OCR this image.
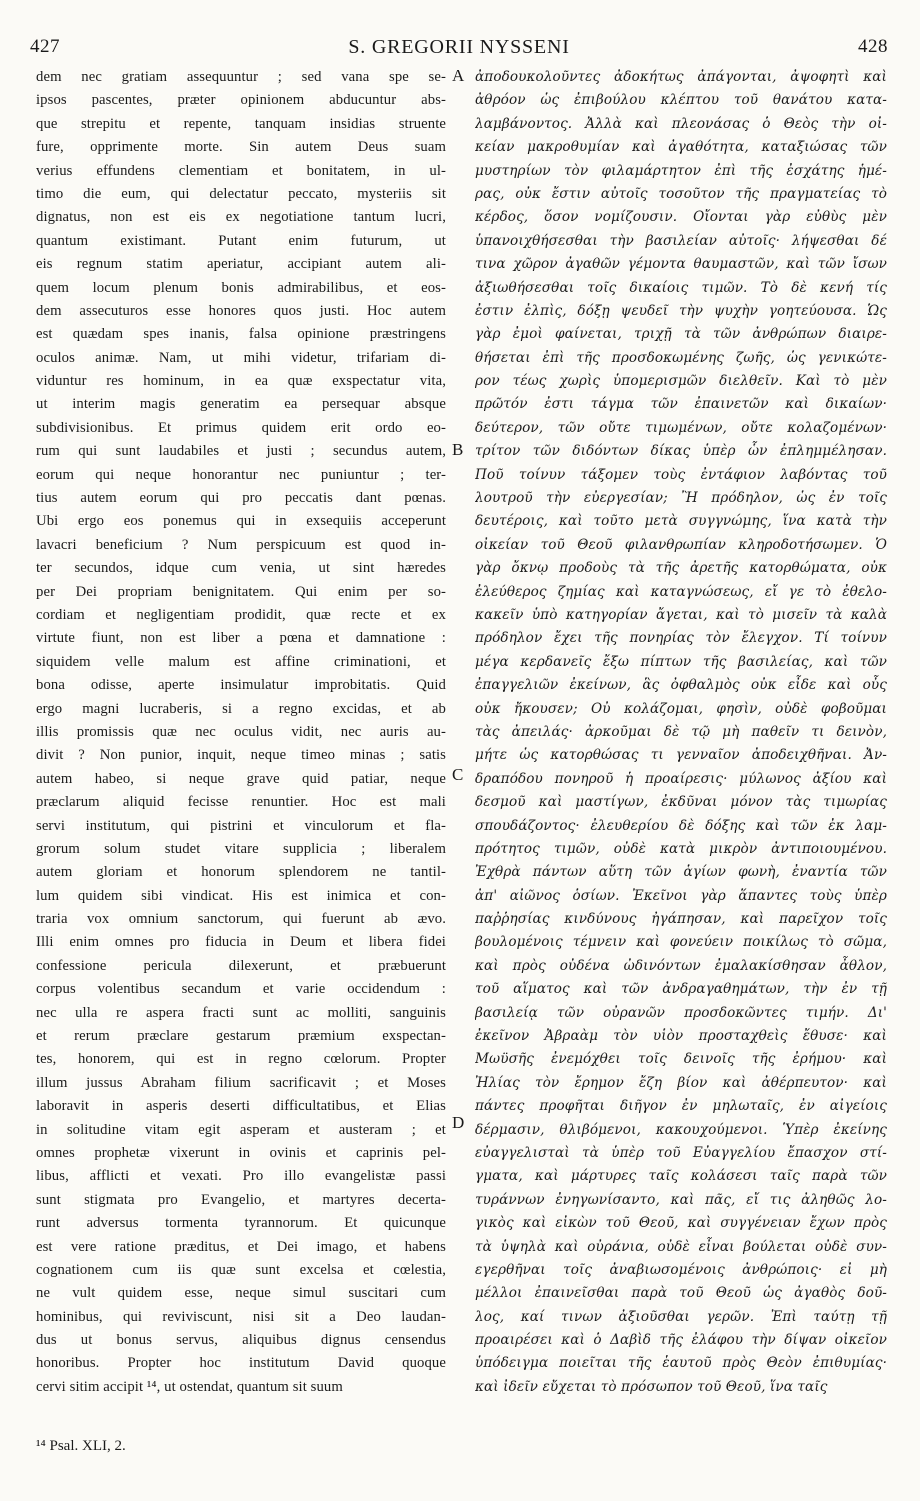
427	S. GREGORII NYSSENI	428
dem nec gratiam assequuntur ; sed vana spe se-
ipsos pascentes, præter opinionem abducuntur abs-
que strepitu et repente, tanquam insidias struente
fure, opprimente morte. Sin autem Deus suam
verius effundens clementiam et bonitatem, in ul-
timo die eum, qui delectatur peccato, mysteriis sit
dignatus, non est eis ex negotiatione tantum lucri,
quantum existimant. Putant enim futurum, ut
eis regnum statim aperiatur, accipiant autem ali-
quem locum plenum bonis admirabilibus, et eos-
dem assecuturos esse honores quos justi. Hoc autem
est quædam spes inanis, falsa opinione præstringens
oculos animæ. Nam, ut mihi videtur, trifariam di-
viduntur res hominum, in ea quæ exspectatur vita,
ut interim magis generatim ea persequar absque
subdivisionibus. Et primus quidem erit ordo eo-
rum qui sunt laudabiles et justi ; secundus autem,
eorum qui neque honorantur nec puniuntur ; ter-
tius autem eorum qui pro peccatis dant pœnas.
Ubi ergo eos ponemus qui in exsequiis acceperunt
lavacri beneficium ? Num perspicuum est quod in-
ter secundos, idque cum venia, ut sint hæredes
per Dei propriam benignitatem. Qui enim per so-
cordiam et negligentiam prodidit, quæ recte et ex
virtute fiunt, non est liber a pœna et damnatione :
siquidem velle malum est affine criminationi, et
bona odisse, aperte insimulatur improbitatis. Quid
ergo magni lucraberis, si a regno excidas, et ab
illis promissis quæ nec oculus vidit, nec auris au-
divit ? Non punior, inquit, neque timeo minas ; satis
autem habeo, si neque grave quid patiar, neque
præclarum aliquid fecisse renuntier. Hoc est mali
servi institutum, qui pistrini et vinculorum et fla-
grorum solum studet vitare supplicia ; liberalem
autem gloriam et honorum splendorem ne tantil-
lum quidem sibi vindicat. His est inimica et con-
traria vox omnium sanctorum, qui fuerunt ab ævo.
Illi enim omnes pro fiducia in Deum et libera fidei
confessione pericula dilexerunt, et præbuerunt
corpus volentibus secandum et varie occidendum :
nec ulla re aspera fracti sunt ac molliti, sanguinis
et rerum præclare gestarum præmium exspectan-
tes, honorem, qui est in regno cœlorum. Propter
illum jussus Abraham filium sacrificavit ; et Moses
laboravit in asperis deserti difficultatibus, et Elias
in solitudine vitam egit asperam et austeram ; et
omnes prophetæ vixerunt in ovinis et caprinis pel-
libus, afflicti et vexati. Pro illo evangelistæ passi
sunt stigmata pro Evangelio, et martyres decerta-
runt adversus tormenta tyrannorum. Et quicunque
est vere ratione præditus, et Dei imago, et habens
cognationem cum iis quæ sunt excelsa et cœlestia,
ne vult quidem esse, neque simul suscitari cum
hominibus, qui reviviscunt, nisi sit a Deo laudan-
dus ut bonus servus, aliquibus dignus censendus
honoribus. Propter hoc institutum David quoque
cervi sitim accipit ¹⁴, ut ostendat, quantum sit suum
ἀποδουκολοῦντες ἀδοκήτως ἀπάγονται, ἀψοφητὶ καὶ
ἀθρόον ὡς ἐπιβούλου κλέπτου τοῦ θανάτου κατα-
λαμβάνοντος. Ἀλλὰ καὶ πλεονάσας ὁ Θεὸς τὴν οἰ-
κείαν μακροθυμίαν καὶ ἀγαθότητα, καταξιώσας τῶν
μυστηρίων τὸν φιλαμάρτητον ἐπὶ τῆς ἐσχάτης ἡμέ-
ρας, οὐκ ἔστιν αὐτοῖς τοσοῦτον τῆς πραγματείας τὸ
κέρδος, ὅσον νομίζουσιν. Οἴονται γὰρ εὐθὺς μὲν
ὑπανοιχθήσεσθαι τὴν βασιλείαν αὐτοῖς· λήψεσθαι δέ
τινα χῶρον ἀγαθῶν γέμοντα θαυμαστῶν, καὶ τῶν ἴσων
ἀξιωθήσεσθαι τοῖς δικαίοις τιμῶν. Τὸ δὲ κενή τίς
ἐστιν ἐλπὶς, δόξῃ ψευδεῖ τὴν ψυχὴν γοητεύουσα. Ὡς
γὰρ ἐμοὶ φαίνεται, τριχῇ τὰ τῶν ἀνθρώπων διαιρε-
θήσεται ἐπὶ τῆς προσδοκωμένης ζωῆς, ὡς γενικώτε-
ρον τέως χωρὶς ὑπομερισμῶν διελθεῖν. Καὶ τὸ μὲν
πρῶτόν ἐστι τάγμα τῶν ἐπαινετῶν καὶ δικαίων·
δεύτερον, τῶν οὔτε τιμωμένων, οὔτε κολαζομένων·
τρίτον τῶν διδόντων δίκας ὑπὲρ ὧν ἐπλημμέλησαν.
Ποῦ τοίνυν τάξομεν τοὺς ἐντάφιον λαβόντας τοῦ
λουτροῦ τὴν εὐεργεσίαν; Ἢ πρόδηλον, ὡς ἐν τοῖς
δευτέροις, καὶ τοῦτο μετὰ συγγνώμης, ἵνα κατὰ τὴν
οἰκείαν τοῦ Θεοῦ φιλανθρωπίαν κληροδοτήσωμεν. Ὁ
γὰρ ὄκνῳ προδοὺς τὰ τῆς ἀρετῆς κατορθώματα, οὐκ
ἐλεύθερος ζημίας καὶ καταγνώσεως, εἴ γε τὸ ἐθελο-
κακεῖν ὑπὸ κατηγορίαν ἄγεται, καὶ τὸ μισεῖν τὰ καλὰ
πρόδηλον ἔχει τῆς πονηρίας τὸν ἔλεγχον. Τί τοίνυν
μέγα κερδανεῖς ἔξω πίπτων τῆς βασιλείας, καὶ τῶν
ἐπαγγελιῶν ἐκείνων, ἃς ὀφθαλμὸς οὐκ εἶδε καὶ οὖς
οὐκ ἤκουσεν; Οὐ κολάζομαι, φησὶν, οὐδὲ φοβοῦμαι
τὰς ἀπειλάς· ἀρκοῦμαι δὲ τῷ μὴ παθεῖν τι δεινὸν,
μήτε ὡς κατορθώσας τι γενναῖον ἀποδειχθῆναι. Ἀν-
δραπόδου πονηροῦ ἡ προαίρεσις· μύλωνος ἀξίου καὶ
δεσμοῦ καὶ μαστίγων, ἐκδῦναι μόνον τὰς τιμωρίας
σπουδάζοντος· ἐλευθερίου δὲ δόξης καὶ τῶν ἐκ λαμ-
πρότητος τιμῶν, οὐδὲ κατὰ μικρὸν ἀντιποιουμένου.
Ἐχθρὰ πάντων αὕτη τῶν ἁγίων φωνὴ, ἐναντία τῶν
ἀπ' αἰῶνος ὁσίων. Ἐκεῖνοι γὰρ ἅπαντες τοὺς ὑπὲρ
παῤῥησίας κινδύνους ἠγάπησαν, καὶ παρεῖχον τοῖς
βουλομένοις τέμνειν καὶ φονεύειν ποικίλως τὸ σῶμα,
καὶ πρὸς οὐδένα ὠδινόντων ἐμαλακίσθησαν ἆθλον,
τοῦ αἵματος καὶ τῶν ἀνδραγαθημάτων, τὴν ἐν τῇ
βασιλείᾳ τῶν οὐρανῶν προσδοκῶντες τιμήν. Δι'
ἐκεῖνον Ἀβραὰμ τὸν υἱὸν προσταχθεὶς ἔθυσε· καὶ
Μωϋσῆς ἐνεμόχθει τοῖς δεινοῖς τῆς ἐρήμου· καὶ
Ἠλίας τὸν ἔρημον ἔζη βίον καὶ ἀθέρπευτον· καὶ
πάντες προφῆται διῆγον ἐν μηλωταῖς, ἐν αἰγείοις
δέρμασιν, θλιβόμενοι, κακουχούμενοι. Ὑπὲρ ἐκείνης
εὐαγγελισταὶ τὰ ὑπὲρ τοῦ Εὐαγγελίου ἔπασχον στί-
γματα, καὶ μάρτυρες ταῖς κολάσεσι ταῖς παρὰ τῶν
τυράννων ἐνηγωνίσαντο, καὶ πᾶς, εἴ τις ἀληθῶς λο-
γικὸς καὶ εἰκὼν τοῦ Θεοῦ, καὶ συγγένειαν ἔχων πρὸς
τὰ ὑψηλὰ καὶ οὐράνια, οὐδὲ εἶναι βούλεται οὐδὲ συν-
εγερθῆναι τοῖς ἀναβιωσομένοις ἀνθρώποις· εἰ μὴ
μέλλοι ἐπαινεῖσθαι παρὰ τοῦ Θεοῦ ὡς ἀγαθὸς δοῦ-
λος, καί τινων ἀξιοῦσθαι γερῶν. Ἐπὶ ταύτῃ τῇ
προαιρέσει καὶ ὁ Δαβὶδ τῆς ἐλάφου τὴν δίψαν οἰκεῖον
ὑπόδειγμα ποιεῖται τῆς ἑαυτοῦ πρὸς Θεὸν ἐπιθυμίας·
καὶ ἰδεῖν εὔχεται τὸ πρόσωπον τοῦ Θεοῦ, ἵνα ταῖς
A
B
C
D
¹⁴ Psal. XLI, 2.
